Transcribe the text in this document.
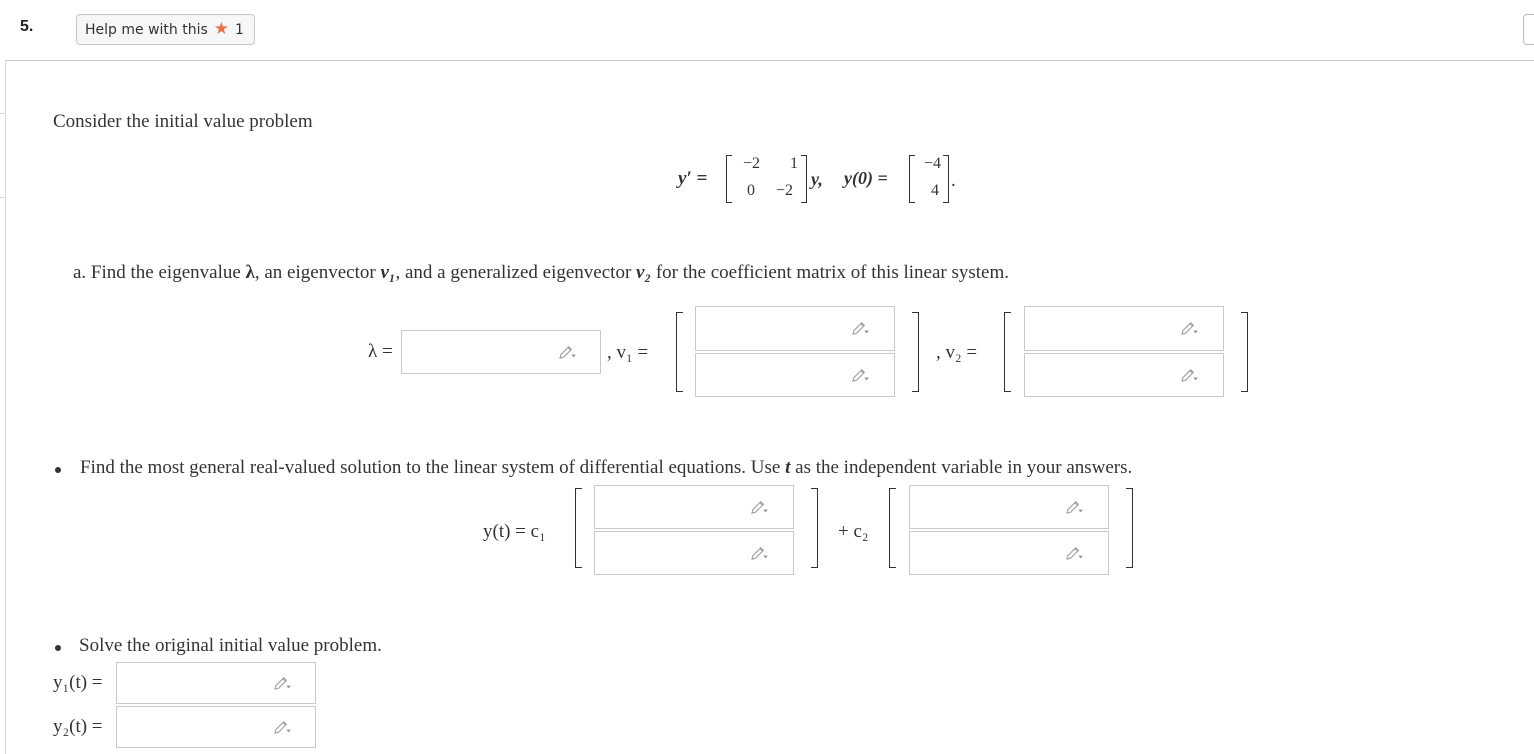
5.	Help me with this ★ 1
Consider the initial value problem
y′ =
−2 1
0 −2
y, y(0) =
−4
4 .
a. Find the eigenvalue λ, an eigenvector v₁, and a generalized eigenvector v₂ for the coefficient matrix of this linear system.
λ =	, v₁ =	, v₂ =
Find the most general real-valued solution to the linear system of differential equations. Use t as the independent variable in your answers.
y(t) = c₁	+ c₂
Solve the original initial value problem.
y₁(t) =
y₂(t) =
